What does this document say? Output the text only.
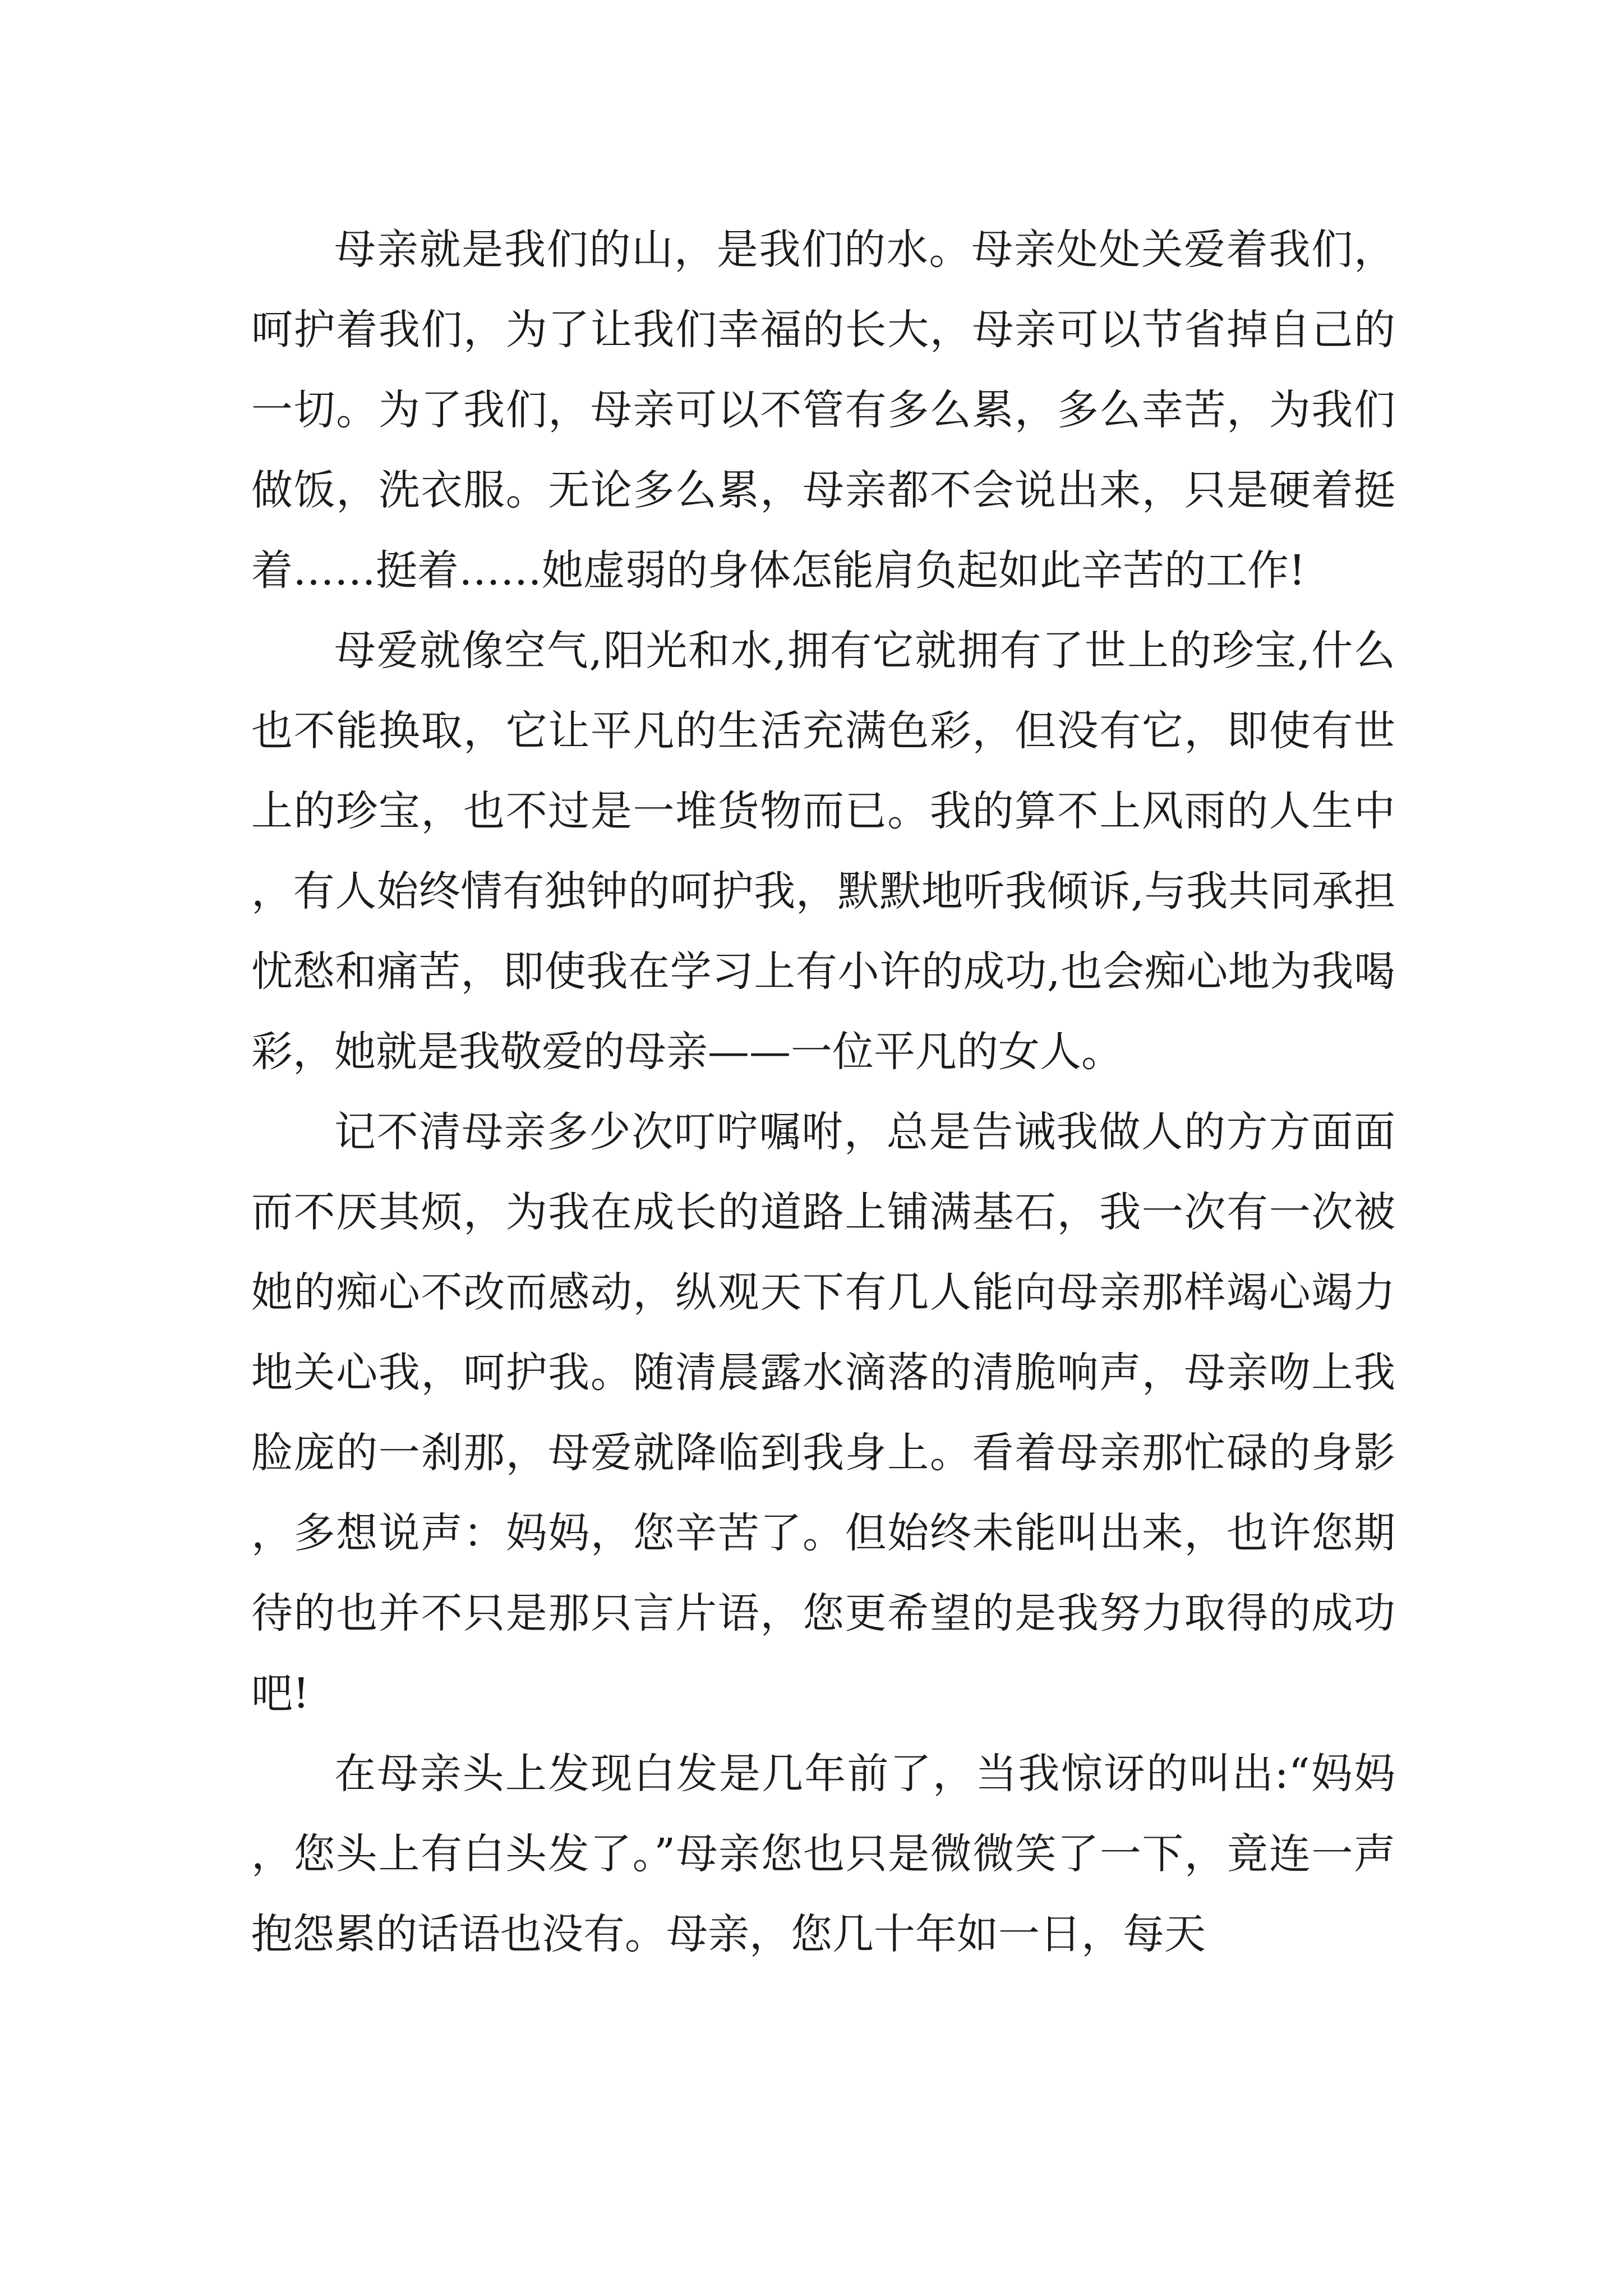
母亲就是我们的山，是我们的水。母亲处处关爱着我们，呵护着我们，为了让我们幸福的长大，母亲可以节省掉自己的一切。为了我们，母亲可以不管有多么累，多么幸苦，为我们做饭，洗衣服。无论多么累，母亲都不会说出来，只是硬着挺着……挺着……她虚弱的身体怎能肩负起如此辛苦的工作!

母爱就像空气,阳光和水,拥有它就拥有了世上的珍宝,什么也不能换取，它让平凡的生活充满色彩，但没有它，即使有世上的珍宝，也不过是一堆货物而已。我的算不上风雨的人生中，有人始终情有独钟的呵护我，默默地听我倾诉,与我共同承担忧愁和痛苦，即使我在学习上有小许的成功,也会痴心地为我喝彩，她就是我敬爱的母亲——一位平凡的女人。

记不清母亲多少次叮咛嘱咐，总是告诫我做人的方方面面而不厌其烦，为我在成长的道路上铺满基石，我一次有一次被她的痴心不改而感动，纵观天下有几人能向母亲那样竭心竭力地关心我，呵护我。随清晨露水滴落的清脆响声，母亲吻上我脸庞的一刹那，母爱就降临到我身上。看着母亲那忙碌的身影，多想说声：妈妈，您辛苦了。但始终未能叫出来，也许您期待的也并不只是那只言片语，您更希望的是我努力取得的成功吧!

在母亲头上发现白发是几年前了，当我惊讶的叫出:“妈妈，您头上有白头发了。”母亲您也只是微微笑了一下，竟连一声抱怨累的话语也没有。母亲，您几十年如一日，每天
